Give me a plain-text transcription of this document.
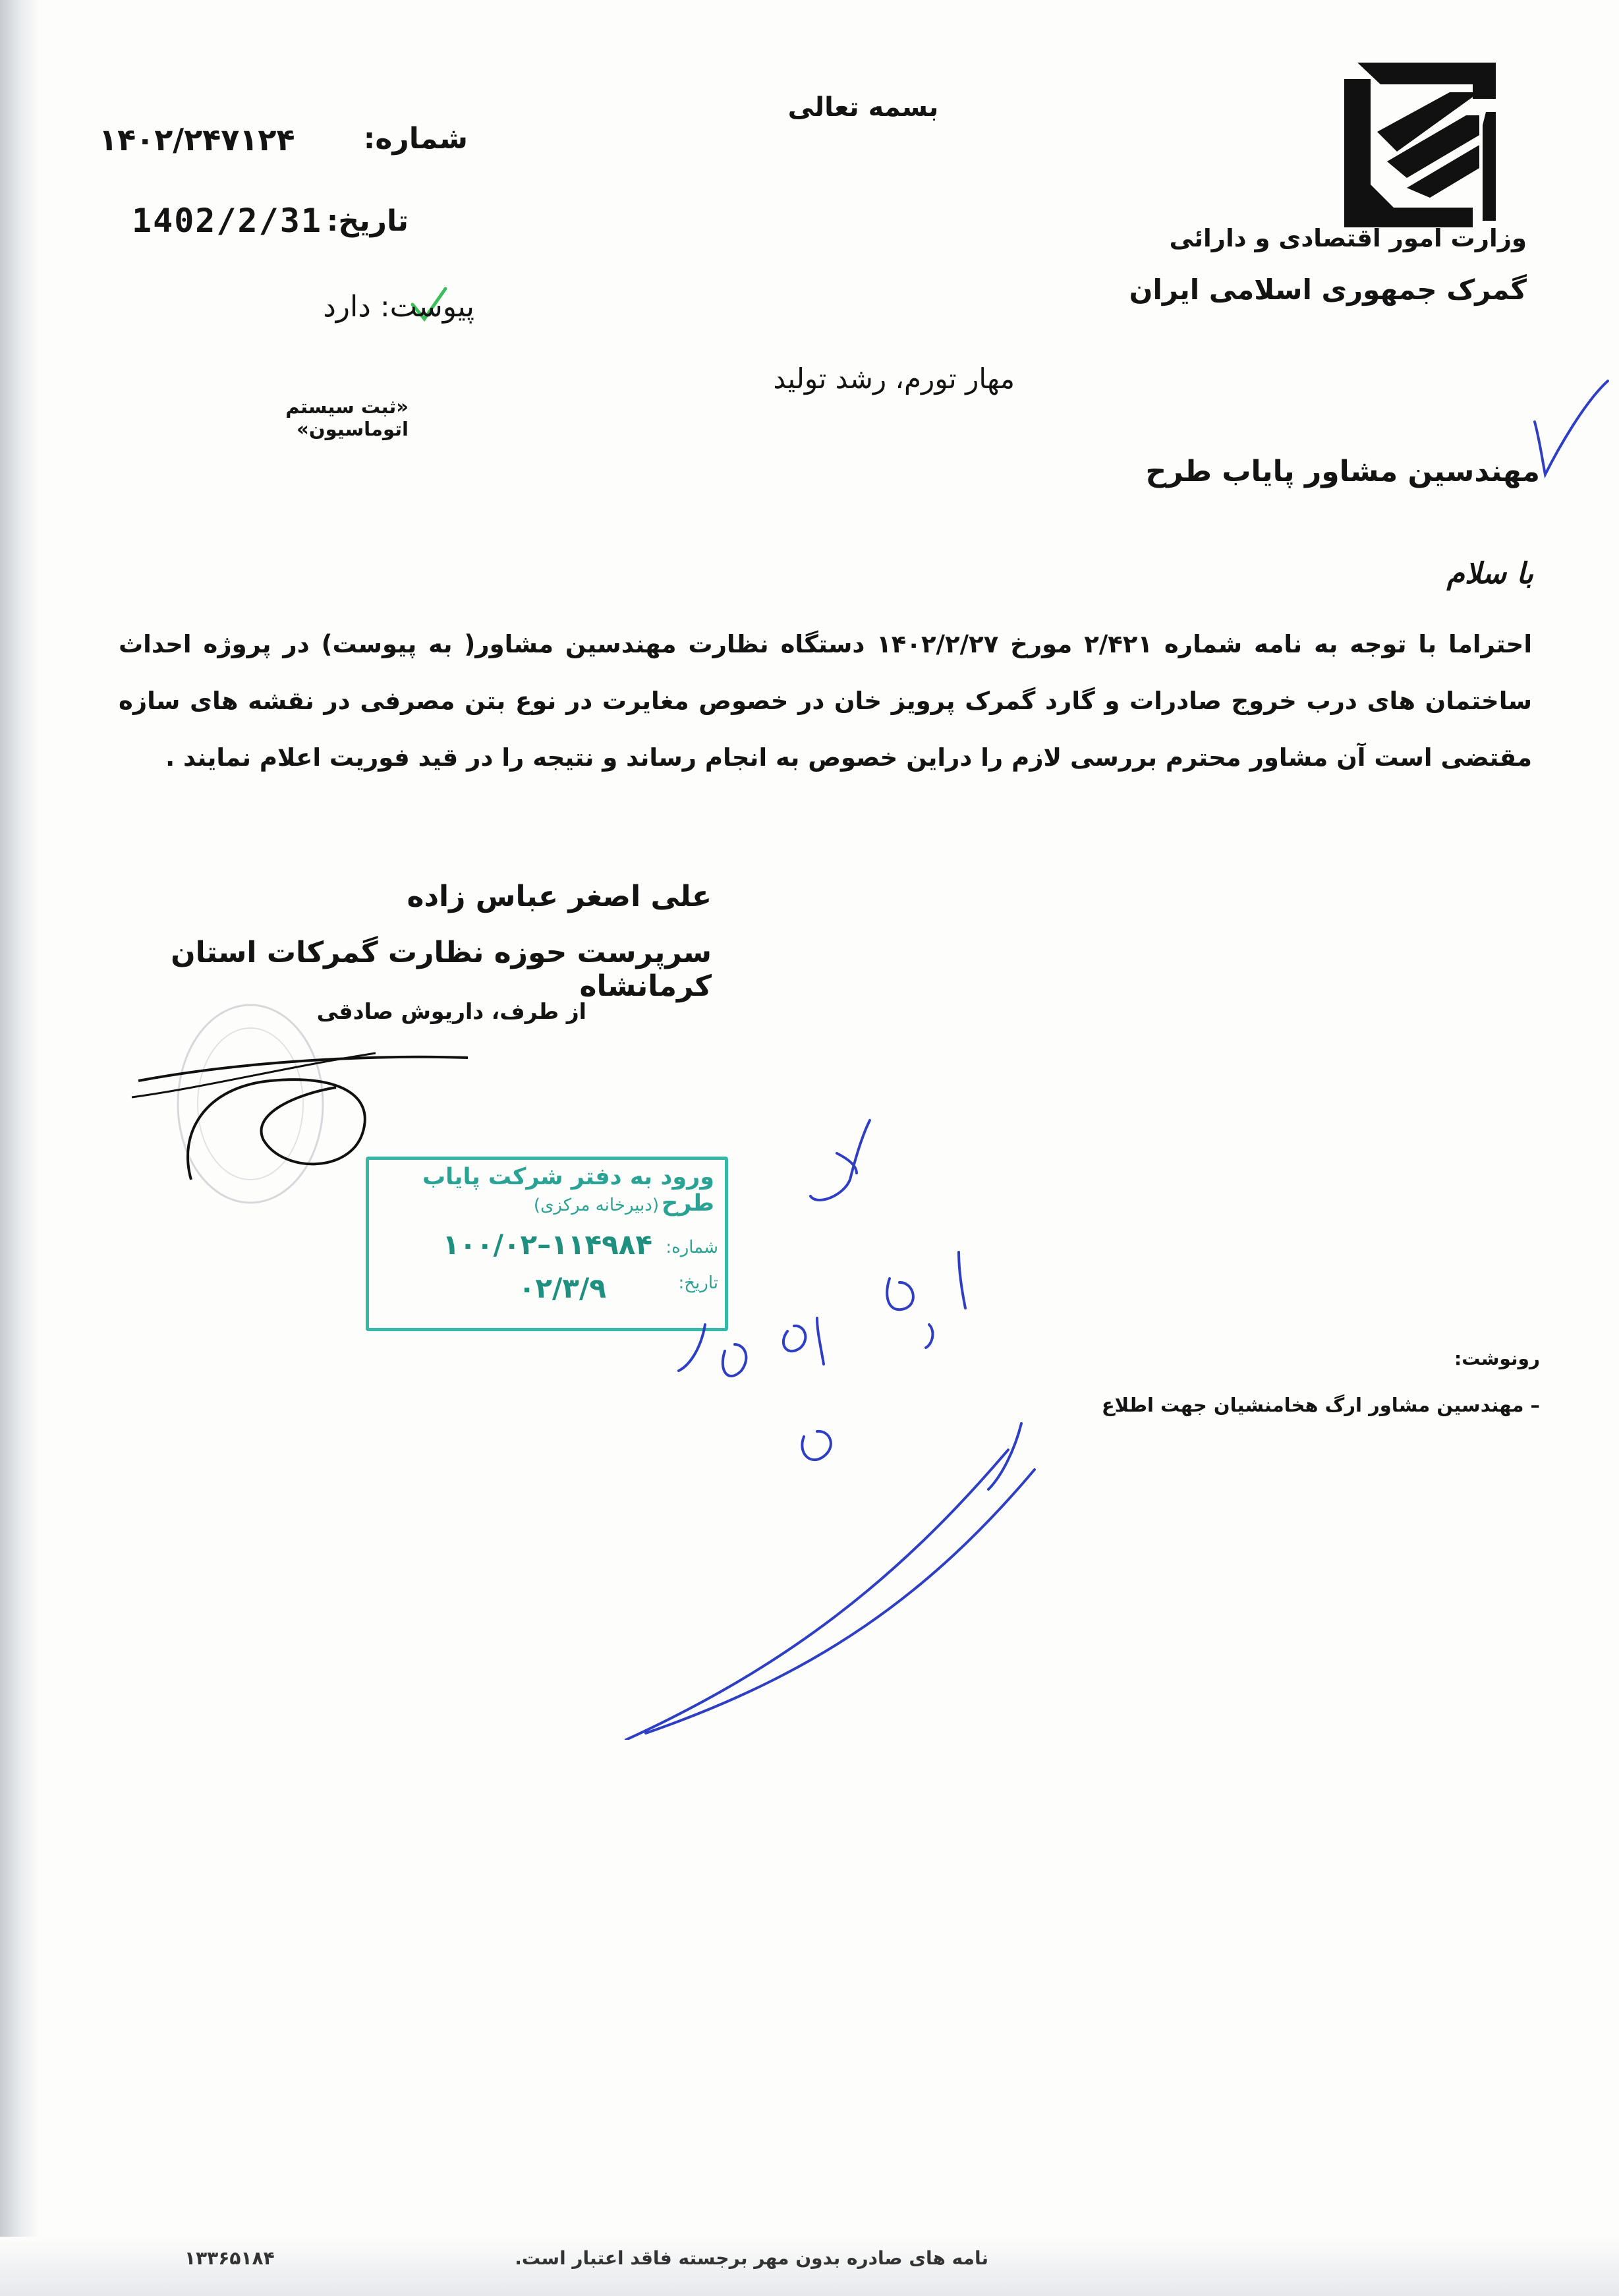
بسمه تعالی
وزارت امور اقتصادی و دارائی
گمرک جمهوری اسلامی ایران
شماره:
۱۴۰۲/۲۴۷۱۲۴
تاریخ:
1402/2/31
پیوست: دارد
«ثبت سیستم اتوماسیون»
مهار تورم، رشد تولید
مهندسین مشاور پایاب طرح
با سلام
احتراما با توجه به نامه شماره ۲/۴۲۱ مورخ ۱۴۰۲/۲/۲۷ دستگاه نظارت مهندسین مشاور( به پیوست) در پروژه احداث ساختمان های درب خروج صادرات و گارد گمرک پرویز خان در خصوص مغایرت در نوع بتن مصرفی در نقشه های سازه مقتضی است آن مشاور محترم بررسی لازم را دراین خصوص به انجام رساند و نتیجه را در قید فوریت اعلام نمایند .
علی اصغر عباس زاده
سرپرست حوزه نظارت گمرکات استان کرمانشاه
از طرف، داریوش صادقی
ورود به دفتر شرکت پایاب طرح
(دبیرخانه مرکزی)
شماره:
۱۰۰/۰۲–۱۱۴۹۸۴
تاریخ:
۰۲/۳/۹
رونوشت:
– مهندسین مشاور ارگ هخامنشیان جهت اطلاع
نامه های صادره بدون مهر برجسته فاقد اعتبار است.
۱۳۳۶۵۱۸۴
